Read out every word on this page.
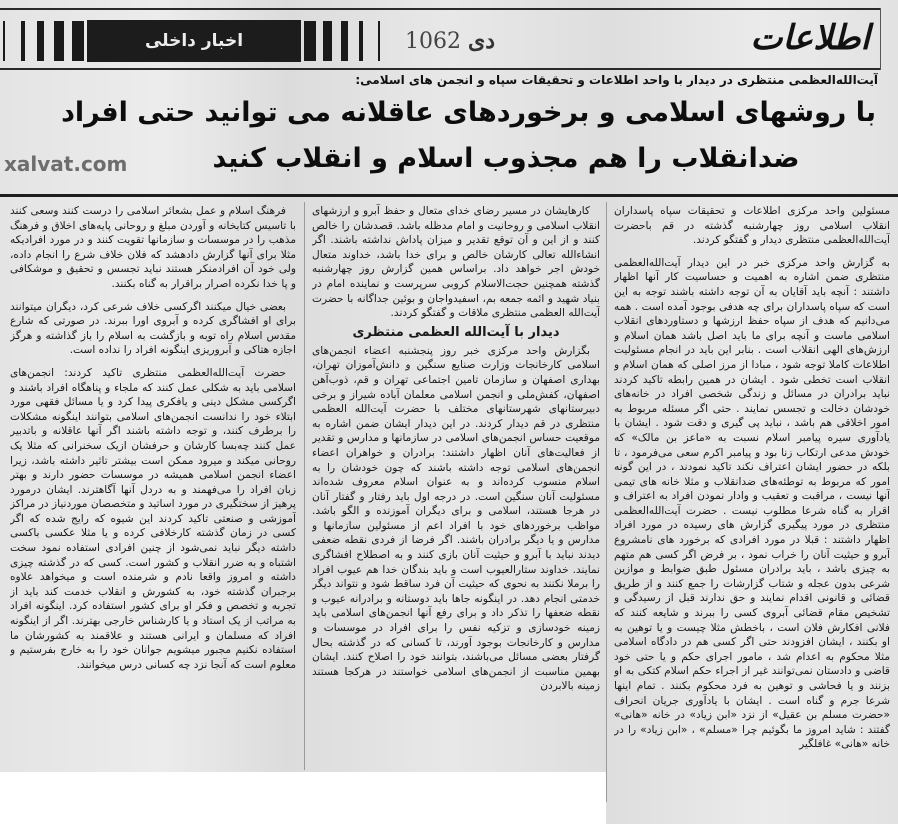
اخبار داخلی	10 دی 62	اطلاعات
آیت‌الله‌العظمی منتظری در دیدار با واحد اطلاعات و تحقیقات سپاه و انجمن های اسلامی:
با روشهای اسلامی و برخوردهای عاقلانه می توانید حتی افراد
ضدانقلاب را هم مجذوب اسلام و انقلاب کنید
xalvat.com

مسئولین واحد مرکزی اطلاعات و تحقیقات سپاه پاسداران انقلاب اسلامی روز چهارشنبه گذشته در قم باحضرت آیت‌الله‌العظمی منتظری دیدار و گفتگو کردند.

به گزارش واحد مرکزی خبر در این دیدار آیت‌الله‌العظمی منتظری ضمن اشاره به اهمیت و حساسیت کار آنها اظهار داشتند : آنچه باید آقایان به آن توجه داشته باشند توجه به این است که سپاه پاسداران برای چه هدفی بوجود آمده است . همه می‌دانیم که هدف از سپاه حفظ ارزشها و دستاوردهای انقلاب اسلامی ماست و آنچه برای ما باید اصل باشد همان اسلام و ارزش‌های الهی انقلاب است . بنابر این باید در انجام مسئولیت اطلاعات کاملا توجه شود ، مبادا از مرز اصلی که همان اسلام و انقلاب است تخطی شود . ایشان در همین رابطه تاکید کردند نباید برادران در مسائل و زندگی شخصی افراد در خانه‌های خودشان دخالت و تجسس نمایند . حتی اگر مسئله مربوط به امور اخلاقی هم باشد ، نباید پی گیری و دقت شود . ایشان با یادآوری سیره پیامبر اسلام نسبت به «ماعز بن مالک» که خودش مدعی ارتکاب زنا بود و پیامبر اکرم سعی می‌فرمود ، تا بلکه در حضور ایشان اعتراف نکند تاکید نمودند ، در این گونه امور که مربوط به توطئه‌های ضدانقلاب و مثلا خانه های تیمی آنها نیست ، مراقبت و تعقیب و وادار نمودن افراد به اعتراف و اقرار به گناه شرعا مطلوب نیست . حضرت آیت‌الله‌العظمی منتظری در مورد پیگیری گزارش های رسیده در مورد افراد اظهار داشتند : قبلا در مورد افرادی که برخورد های نامشروع آبرو و حیثیت آنان را خراب نمود ، بر فرض اگر کسی هم متهم به چیزی باشد ، باید برادران مسئول طبق ضوابط و موازین شرعی بدون عجله و شتاب گزارشات را جمع کنند و از طریق قضائی و قانونی اقدام نمایند و حق ندارند قبل از رسیدگی و تشخیص مقام قضائی آبروی کسی را ببرند و شایعه کنند که فلانی افکارش فلان است ، باخطش مثلا چیست و یا توهین به او بکنند ، ایشان افزودند حتی اگر کسی هم در دادگاه اسلامی مثلا محکوم به اعدام شد ، مامور اجرای حکم و یا حتی خود قاضی و دادستان نمی‌توانند غیر از اجراء حکم اسلام کتکی به او بزنند و یا فحاشی و توهین به فرد محکوم بکنند . تمام اینها شرعا جرم و گناه است . ایشان با یادآوری جریان انحراف «حضرت مسلم بن عقیل» از نزد «ابن زیاد» در خانه «هانی» گفتند : شاید امروز ما بگوئیم چرا «مسلم» ، «ابن زیاد» را در خانه «هانی» غافلگیر

کارهایشان در مسیر رضای خدای متعال و حفظ آبرو و ارزشهای انقلاب اسلامی و روحانیت و امام مدظله باشد. قصدشان را خالص کنند و از این و آن توقع تقدیر و میزان پاداش نداشته باشند. اگر انشاءالله تعالی کارشان خالص و برای خدا باشد، خداوند متعال خودش اجر خواهد داد. براساس همین گزارش روز چهارشنبه گذشته همچنین حجت‌الاسلام کروبی سرپرست و نماینده امام در بنیاد شهید و ائمه جمعه بم، اسفیدواجان و بوئین جداگانه با حضرت آیت‌الله العظمی منتظری ملاقات و گفتگو کردند.

دیدار با آیت‌الله العظمی منتظری

بگزارش واحد مرکزی خبر روز پنجشنبه اعضاء انجمن‌های اسلامی کارخانجات وزارت صنایع سنگین و دانش‌آموزان تهران، بهداری اصفهان و سازمان تامین اجتماعی تهران و قم، ذوب‌آهن اصفهان، کفش‌ملی و انجمن اسلامی معلمان آباده شیراز و برخی دبیرستانهای شهرستانهای مختلف با حضرت آیت‌الله العظمی منتظری در قم دیدار کردند. در این دیدار ایشان ضمن اشاره به موقعیت حساس انجمن‌های اسلامی در سازمانها و مدارس و تقدیر از فعالیت‌های آنان اظهار داشتند: برادران و خواهران اعضاء انجمن‌های اسلامی توجه داشته باشند که چون خودشان را به اسلام منسوب کرده‌اند و به عنوان اسلام معروف شده‌اند مسئولیت آنان سنگین است. در درجه اول باید رفتار و گفتار آنان در هرجا هستند، اسلامی و برای دیگران آموزنده و الگو باشد. مواظب برخوردهای خود با افراد اعم از مسئولین سازمانها و مدارس و یا دیگر برادران باشند. اگر فرضا از فردی نقطه ضعفی دیدند نباید با آبرو و حیثیت آنان بازی کنند و به اصطلاح افشاگری نمایند. خداوند ستارالعیوب است و باید بندگان خدا هم عیوب افراد را برملا نکنند به نحوی که حیثیت آن فرد ساقط شود و نتواند دیگر خدمتی انجام دهد. در اینگونه جاها باید دوستانه و برادرانه عیوب و نقطه ضعفها را تذکر داد و برای رفع آنها انجمن‌های اسلامی باید زمینه خودسازی و تزکیه نفس را برای افراد در موسسات و مدارس و کارخانجات بوجود آورند، تا کسانی که در گذشته بحال گرفتار بعضی مسائل می‌باشند، بتوانند خود را اصلاح کنند. ایشان بهمین مناسبت از انجمن‌های اسلامی خواستند در هرکجا هستند زمینه بالابردن

فرهنگ اسلام و عمل بشعائر اسلامی را درست کنند وسعی کنند با تاسیس کتابخانه و آوردن مبلغ و روحانی پایه‌های اخلاق و فرهنگ مذهب را در موسسات و سازمانها تقویت کنند و در مورد افرادیکه مثلا برای آنها گزارش دادهشد که فلان خلاف شرع را انجام داده، ولی خود آن افرادمنکر هستند نباید تجسس و تحقیق و موشکافی و پا خدا نکرده اصرار براقرار به گناه بکنند.

بعضی خیال میکنند اگرکسی خلاف شرعی کرد، دیگران میتوانند برای او افشاگری کرده و آبروی اورا ببرند. در صورتی که شارع مقدس اسلام راه توبه و بازگشت به اسلام را باز گذاشته و هرگز اجازه هتاکی و آبروریزی اینگونه افراد را نداده است.

حضرت آیت‌الله‌العظمی منتظری تاکید کردند: انجمن‌های اسلامی باید به شکلی عمل کنند که ملجاء و پناهگاه افراد باشند و اگرکسی مشکل دینی و یافکری پیدا کرد و یا مسائل فقهی مورد ابتلاء خود را ندانست انجمن‌های اسلامی بتوانند اینگونه مشکلات را برطرف کنند، و توجه داشته باشند اگر آنها عاقلانه و باتدبیر عمل کنند چه‌بسا کارشان و حرفشان ازیک سخنرانی که مثلا یک روحانی میکند و میرود ممکن است بیشتر تاثیر داشته باشد، زیرا اعضاء انجمن اسلامی همیشه در موسسات حضور دارند و بهتر زبان افراد را می‌فهمند و به دردل آنها آگاهترند. ایشان درمورد پرهیز از سختگیری در مورد اساتید و متخصصان موردنیاز در مراکز آموزشی و صنعتی تاکید کردند این شیوه که رایج شده که اگر کسی در زمان گذشته کارخلافی کرده و یا مثلا عکسی باکسی داشته دیگر نباید نمی‌شود از چنین افرادی استفاده نمود سخت اشتباه و به ضرر انقلاب و کشور است. کسی که در گذشته چیزی داشته و امروز واقعا نادم و شرمنده است و میخواهد علاوه برجبران گذشته خود، به کشورش و انقلاب خدمت کند باید از تجربه و تخصص و فکر او برای کشور استفاده کرد. اینگونه افراد به مراتب از یک استاد و یا کارشناس خارجی بهترند. اگر از اینگونه افراد که مسلمان و ایرانی هستند و علاقمند به کشورشان ما استفاده نکنیم مجبور میشویم جوانان خود را به خارج بفرستیم و معلوم است که آنجا نزد چه کسانی درس میخوانند.
